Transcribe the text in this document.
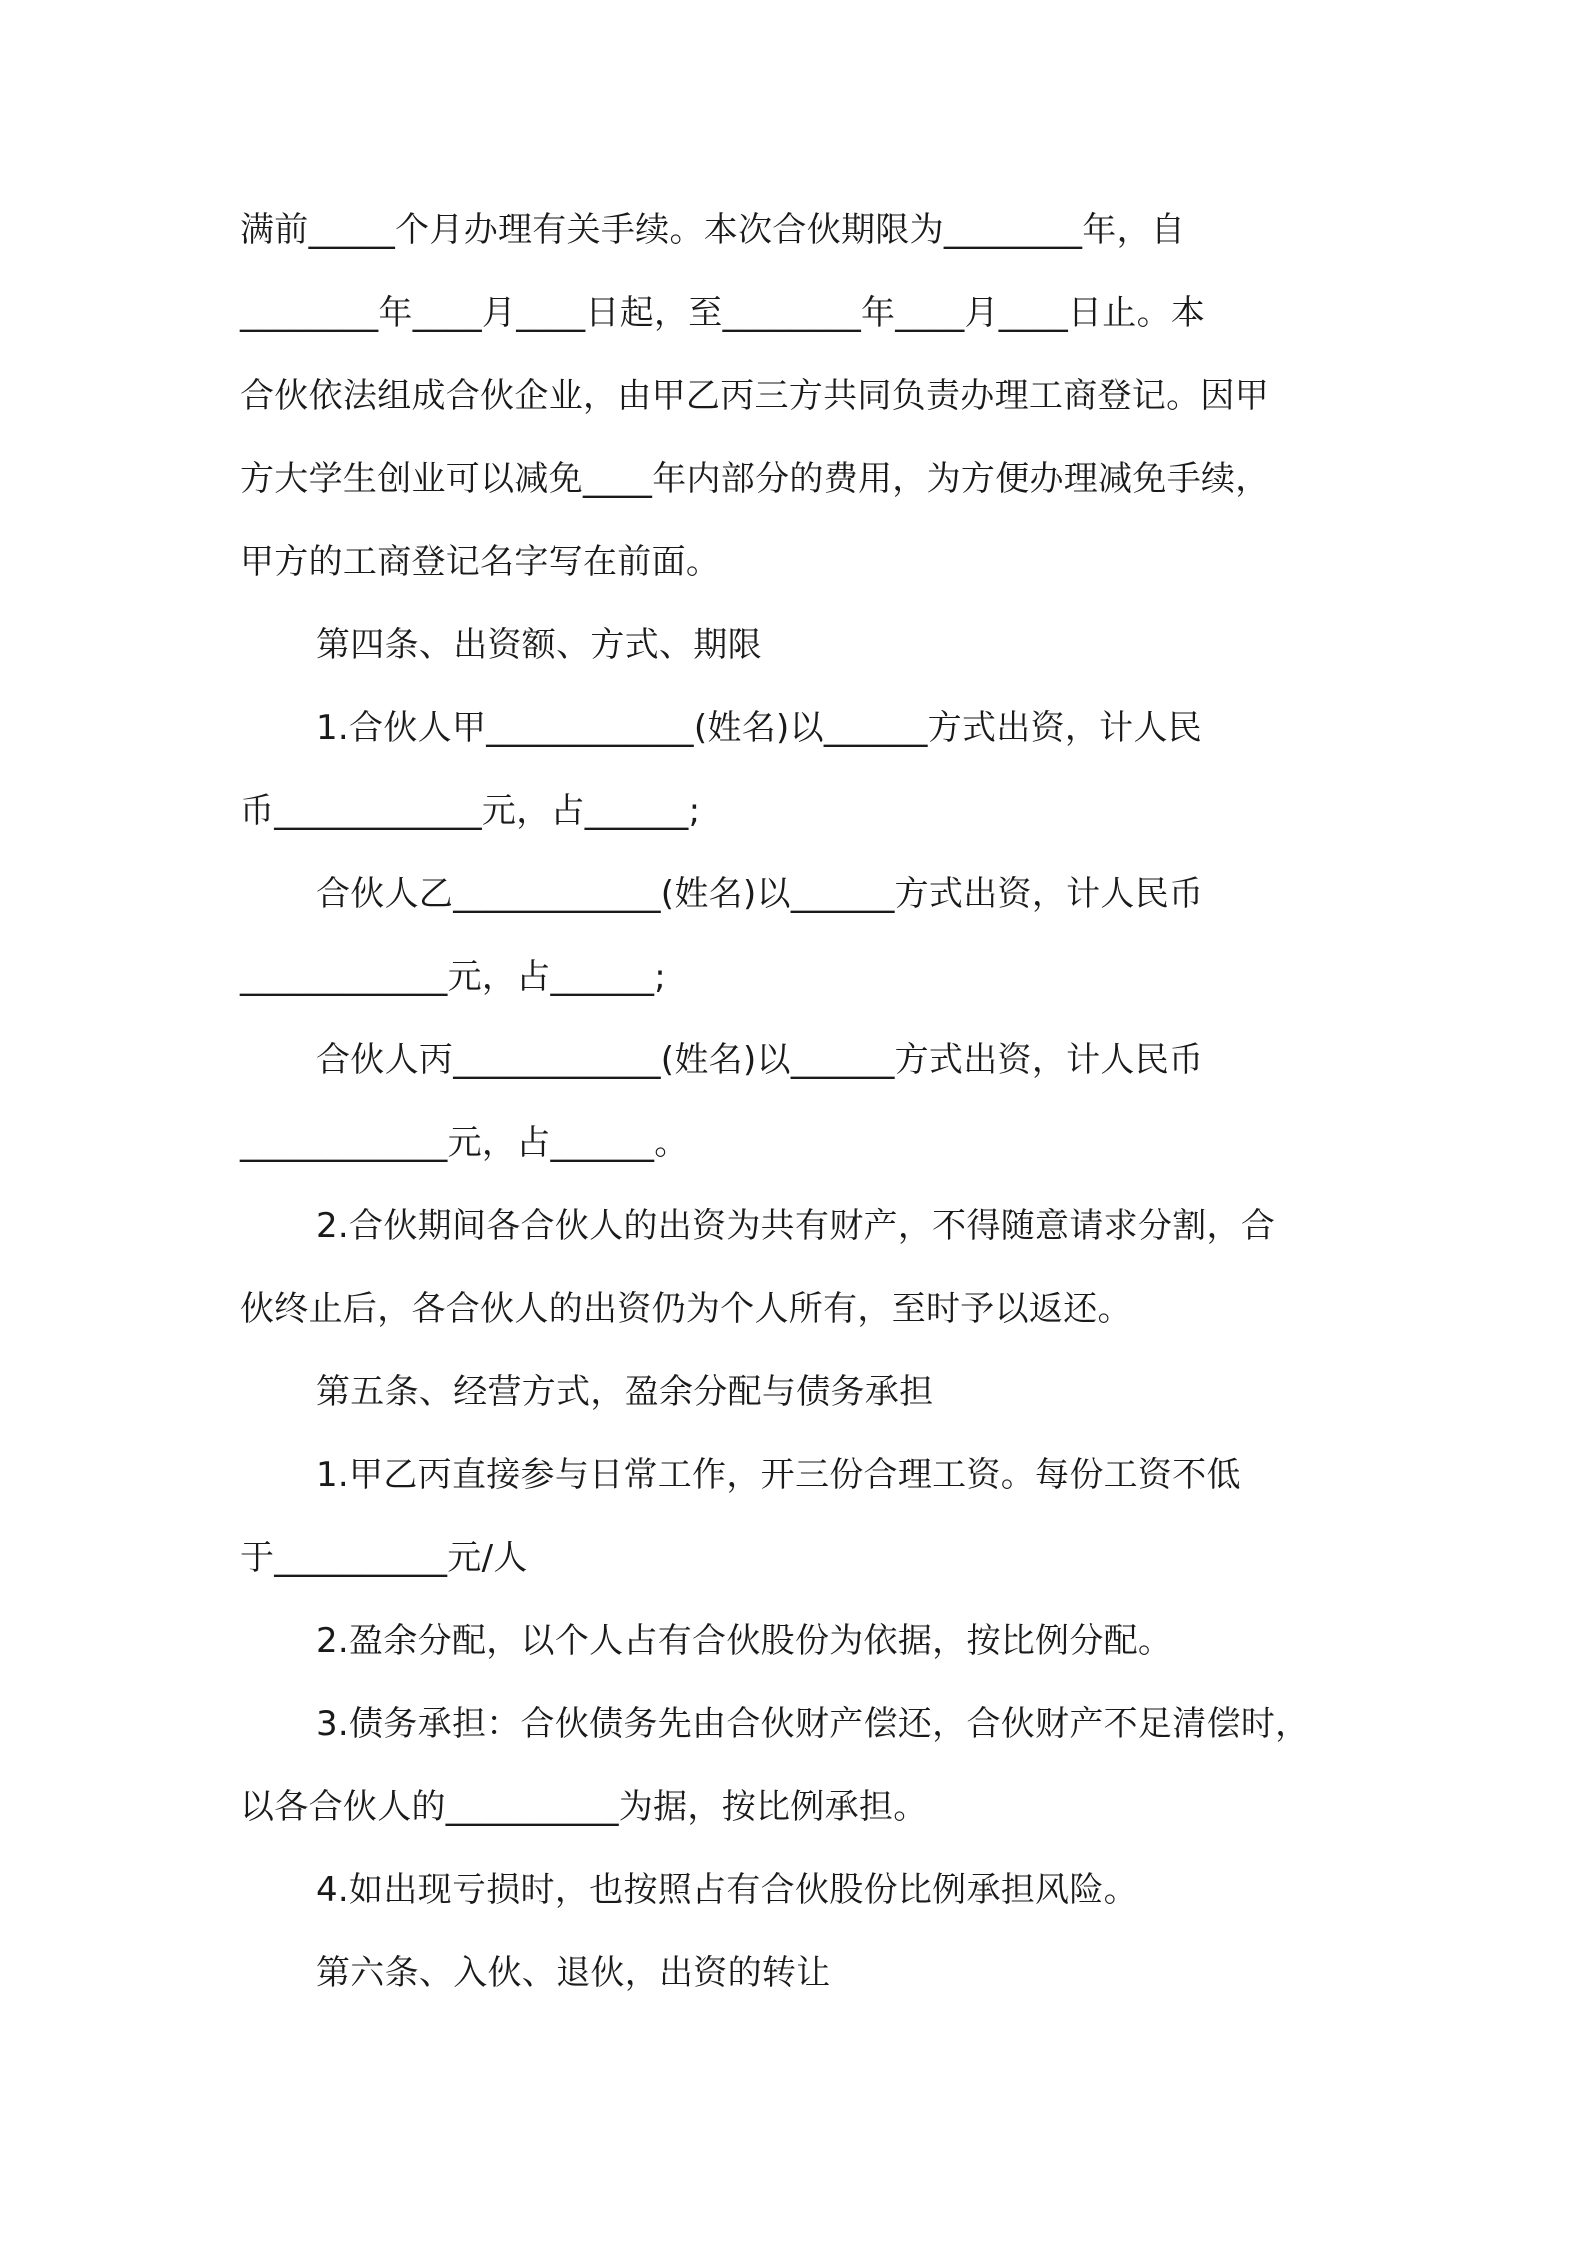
满前_____个月办理有关手续。本次合伙期限为________年，自
________年____月____日起，至________年____月____日止。本
合伙依法组成合伙企业，由甲乙丙三方共同负责办理工商登记。因甲
方大学生创业可以减免____年内部分的费用，为方便办理减免手续，
甲方的工商登记名字写在前面。
第四条、出资额、方式、期限
1.合伙人甲____________(姓名)以______方式出资，计人民
币____________元，占______;
合伙人乙____________(姓名)以______方式出资，计人民币
____________元，占______;
合伙人丙____________(姓名)以______方式出资，计人民币
____________元，占______。
2.合伙期间各合伙人的出资为共有财产，不得随意请求分割，合
伙终止后，各合伙人的出资仍为个人所有，至时予以返还。
第五条、经营方式，盈余分配与债务承担
1.甲乙丙直接参与日常工作，开三份合理工资。每份工资不低
于__________元/人
2.盈余分配，以个人占有合伙股份为依据，按比例分配。
3.债务承担：合伙债务先由合伙财产偿还，合伙财产不足清偿时，
以各合伙人的__________为据，按比例承担。
4.如出现亏损时，也按照占有合伙股份比例承担风险。
第六条、入伙、退伙，出资的转让
